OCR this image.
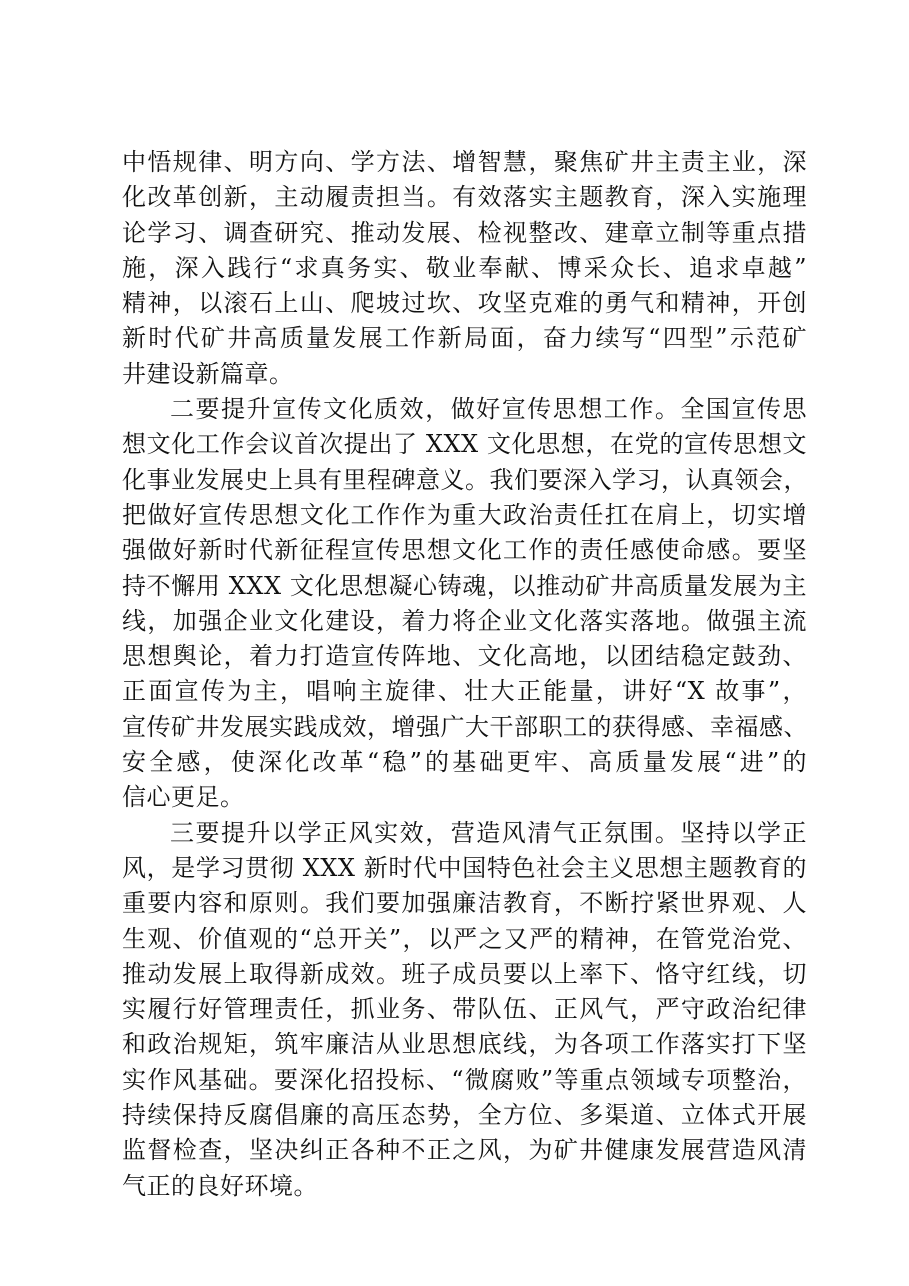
中悟规律、明方向、学方法、增智慧，聚焦矿井主责主业，深
化改革创新，主动履责担当。有效落实主题教育，深入实施理
论学习、调查研究、推动发展、检视整改、建章立制等重点措
施，深入践行“求真务实、敬业奉献、博采众长、追求卓越”
精神，以滚石上山、爬坡过坎、攻坚克难的勇气和精神，开创
新时代矿井高质量发展工作新局面，奋力续写“四型”示范矿
井建设新篇章。
二要提升宣传文化质效，做好宣传思想工作。全国宣传思
想文化工作会议首次提出了 XXX 文化思想，在党的宣传思想文
化事业发展史上具有里程碑意义。我们要深入学习，认真领会，
把做好宣传思想文化工作作为重大政治责任扛在肩上，切实增
强做好新时代新征程宣传思想文化工作的责任感使命感。要坚
持不懈用 XXX 文化思想凝心铸魂，以推动矿井高质量发展为主
线，加强企业文化建设，着力将企业文化落实落地。做强主流
思想舆论，着力打造宣传阵地、文化高地，以团结稳定鼓劲、
正面宣传为主，唱响主旋律、壮大正能量，讲好“X 故事”，
宣传矿井发展实践成效，增强广大干部职工的获得感、幸福感、
安全感，使深化改革“稳”的基础更牢、高质量发展“进”的
信心更足。
三要提升以学正风实效，营造风清气正氛围。坚持以学正
风，是学习贯彻 XXX 新时代中国特色社会主义思想主题教育的
重要内容和原则。我们要加强廉洁教育，不断拧紧世界观、人
生观、价值观的“总开关”，以严之又严的精神，在管党治党、
推动发展上取得新成效。班子成员要以上率下、恪守红线，切
实履行好管理责任，抓业务、带队伍、正风气，严守政治纪律
和政治规矩，筑牢廉洁从业思想底线，为各项工作落实打下坚
实作风基础。要深化招投标、“微腐败”等重点领域专项整治，
持续保持反腐倡廉的高压态势，全方位、多渠道、立体式开展
监督检查，坚决纠正各种不正之风，为矿井健康发展营造风清
气正的良好环境。
